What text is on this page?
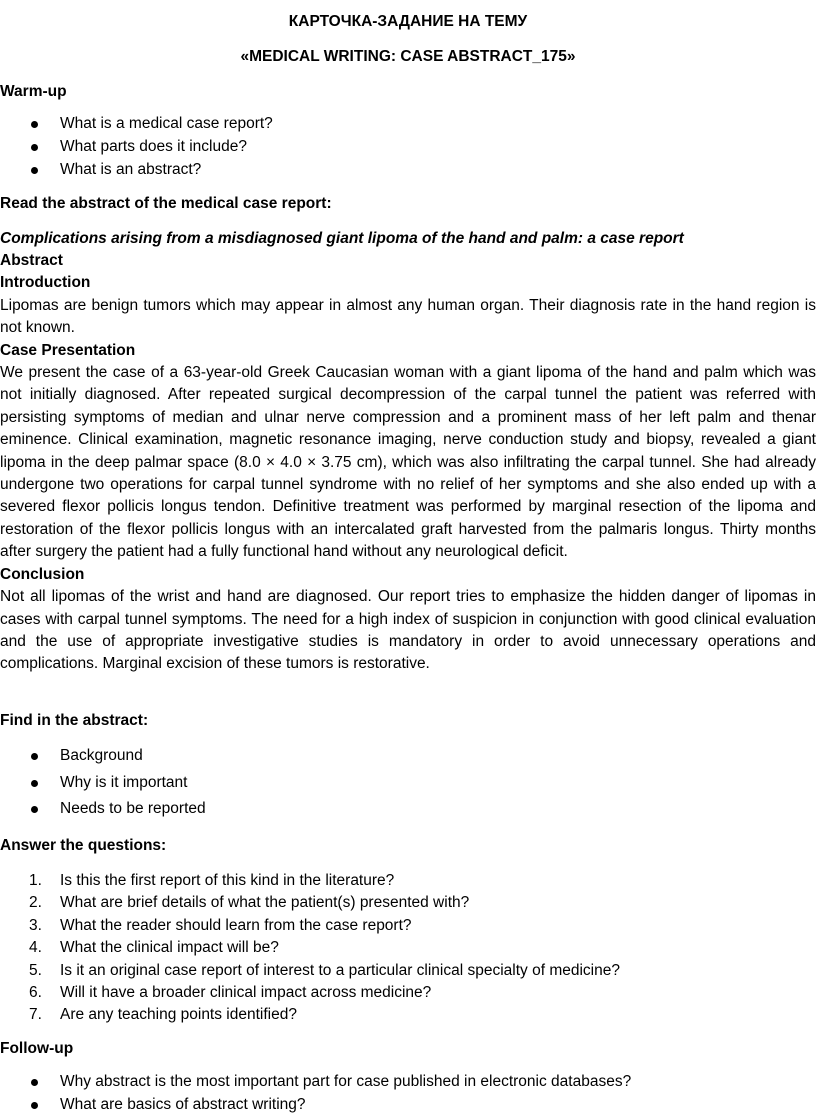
КАРТОЧКА-ЗАДАНИЕ НА ТЕМУ
«MEDICAL WRITING: CASE ABSTRACT_175»
Warm-up
What is a medical case report?
What parts does it include?
What is an abstract?
Read the abstract of the medical case report:
Complications arising from a misdiagnosed giant lipoma of the hand and palm: a case report
Abstract
Introduction

Lipomas are benign tumors which may appear in almost any human organ. Their diagnosis rate in the hand region is not known.

Case Presentation

We present the case of a 63-year-old Greek Caucasian woman with a giant lipoma of the hand and palm which was not initially diagnosed. After repeated surgical decompression of the carpal tunnel the patient was referred with persisting symptoms of median and ulnar nerve compression and a prominent mass of her left palm and thenar eminence. Clinical examination, magnetic resonance imaging, nerve conduction study and biopsy, revealed a giant lipoma in the deep palmar space (8.0 × 4.0 × 3.75 cm), which was also infiltrating the carpal tunnel. She had already undergone two operations for carpal tunnel syndrome with no relief of her symptoms and she also ended up with a severed flexor pollicis longus tendon. Definitive treatment was performed by marginal resection of the lipoma and restoration of the flexor pollicis longus with an intercalated graft harvested from the palmaris longus. Thirty months after surgery the patient had a fully functional hand without any neurological deficit.

Conclusion

Not all lipomas of the wrist and hand are diagnosed. Our report tries to emphasize the hidden danger of lipomas in cases with carpal tunnel symptoms. The need for a high index of suspicion in conjunction with good clinical evaluation and the use of appropriate investigative studies is mandatory in order to avoid unnecessary operations and complications. Marginal excision of these tumors is restorative.

Find in the abstract:
Background
Why is it important
Needs to be reported
Answer the questions:
1. Is this the first report of this kind in the literature?
2. What are brief details of what the patient(s) presented with?
3. What the reader should learn from the case report?
4. What the clinical impact will be?
5. Is it an original case report of interest to a particular clinical specialty of medicine?
6. Will it have a broader clinical impact across medicine?
7. Are any teaching points identified?
Follow-up
Why abstract is the most important part for case published in electronic databases?
What are basics of abstract writing?
